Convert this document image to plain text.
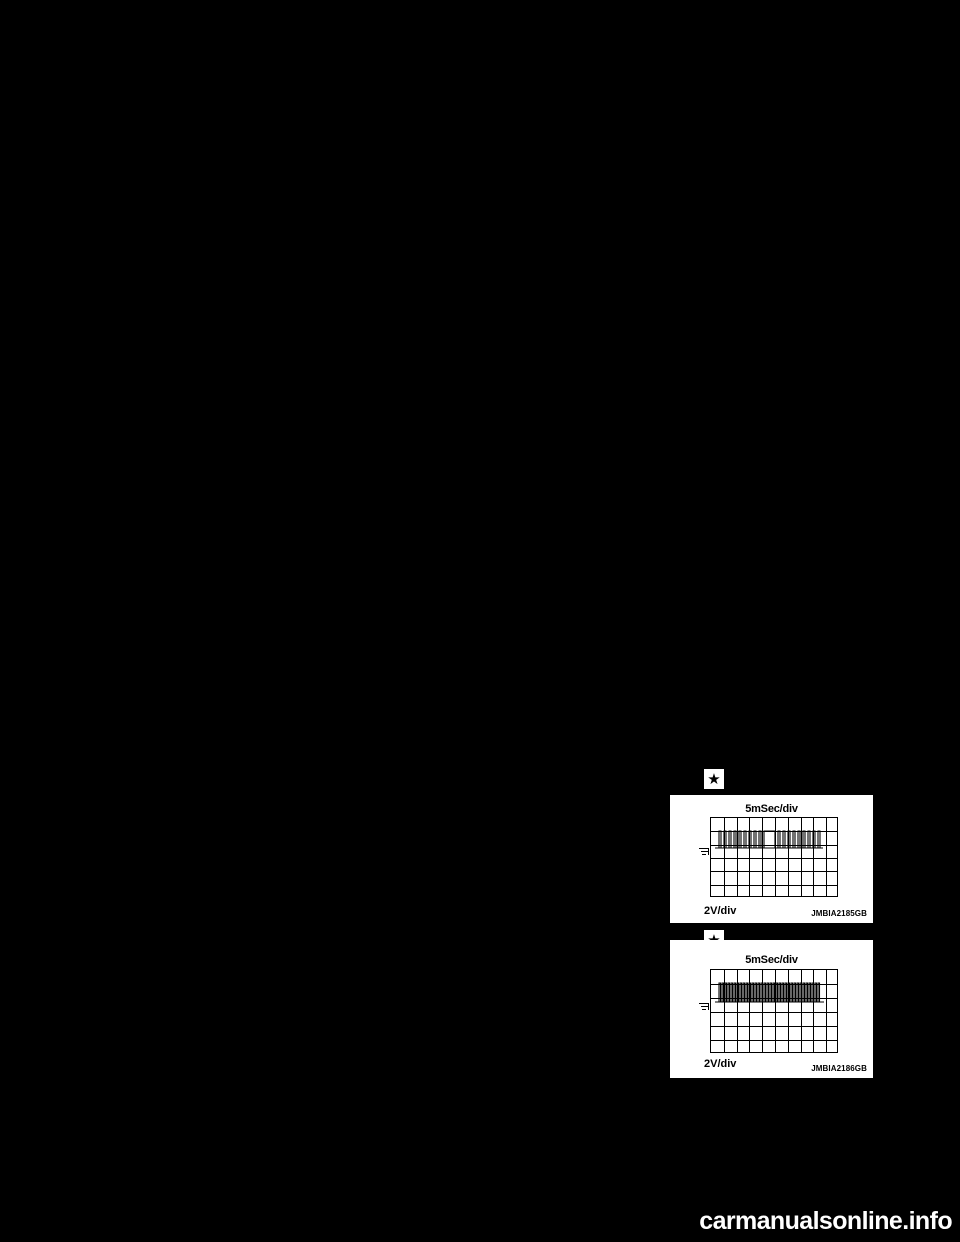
★
5mSec/div
2V/div	JMBIA2185GB
5mSec/div
2V/div	JMBIA2186GB
carmanualsonline.info
